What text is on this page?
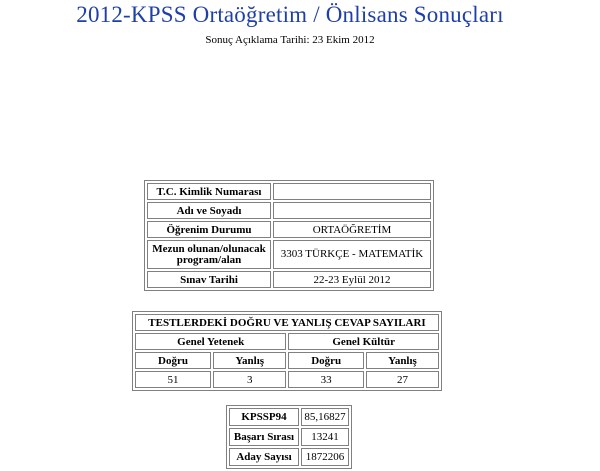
2012-KPSS Ortaöğretim / Önlisans Sonuçları
Sonuç Açıklama Tarihi: 23 Ekim 2012
T.C. Kimlik Numarası	
Adı ve Soyadı	
Öğrenim Durumu	ORTAÖĞRETİM
Mezun olunan/olunacak program/alan	3303 TÜRKÇE - MATEMATİK
Sınav Tarihi	22-23 Eylül 2012
TESTLERDEKİ DOĞRU VE YANLIŞ CEVAP SAYILARI			
Genel Yetenek		Genel Kültür	
Doğru	Yanlış	Doğru	Yanlış
51	3	33	27
KPSSP94	85,16827
Başarı Sırası	13241
Aday Sayısı	1872206
